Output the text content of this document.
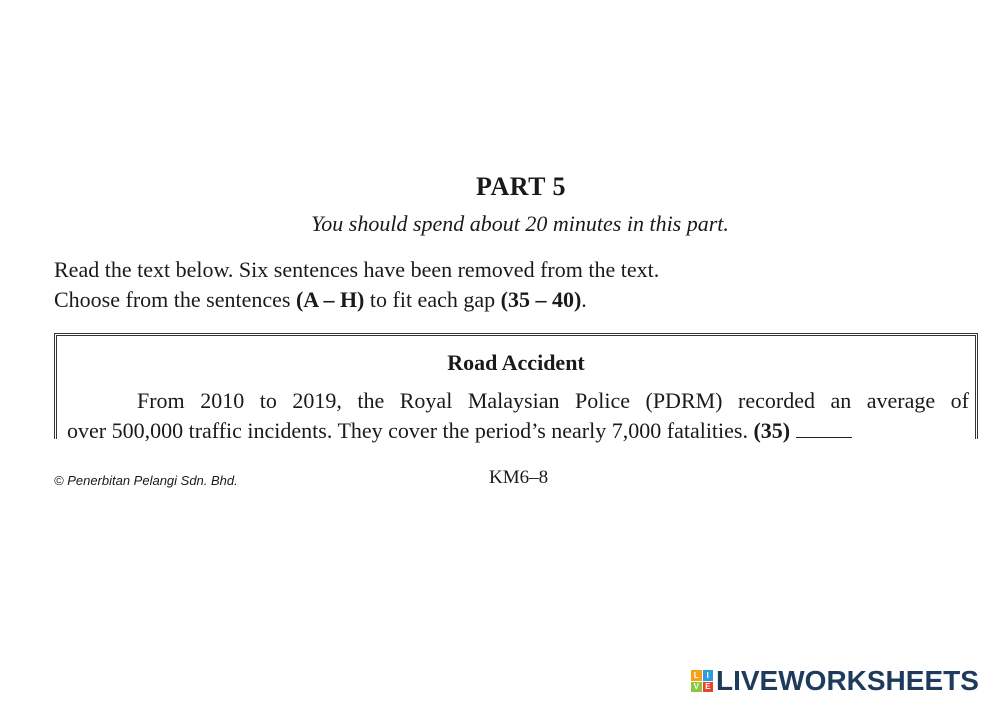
PART 5
You should spend about 20 minutes in this part.
Read the text below. Six sentences have been removed from the text.
Choose from the sentences (A – H) to fit each gap (35 – 40).
Road Accident
From 2010 to 2019, the Royal Malaysian Police (PDRM) recorded an average of
over 500,000 traffic incidents. They cover the period’s nearly 7,000 fatalities. (35)
© Penerbitan Pelangi Sdn. Bhd.	KM6–8
L I
V E LIVEWORKSHEETS
